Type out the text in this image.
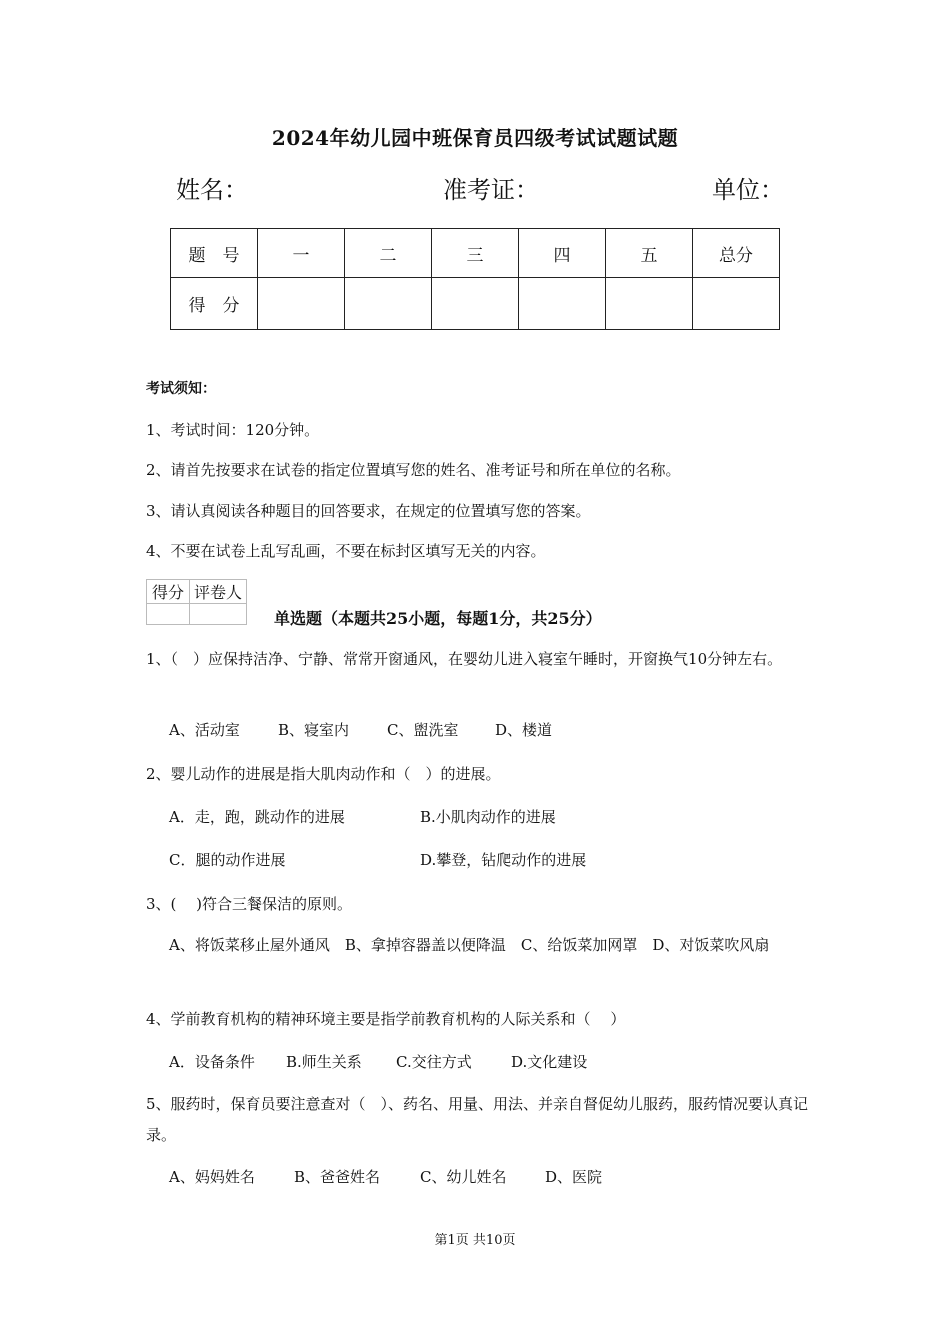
2024年幼儿园中班保育员四级考试试题试题
姓名：	准考证：	单位：
题　号	一	二	三	四	五	总分
得　分						
考试须知：
1、考试时间：120分钟。
2、请首先按要求在试卷的指定位置填写您的姓名、准考证号和所在单位的名称。
3、请认真阅读各种题目的回答要求，在规定的位置填写您的答案。
4、不要在试卷上乱写乱画，不要在标封区填写无关的内容。
得分	评卷人

单选题（本题共25小题，每题1分，共25分）
1、（　）应保持洁净、宁静、常常开窗通风，在婴幼儿进入寝室午睡时，开窗换气10分钟左右。
A、活动室	B、寝室内	C、盥洗室 D、楼道
2、婴儿动作的进展是指大肌肉动作和（　）的进展。
A．走，跑，跳动作的进展	B.小肌肉动作的进展
C．腿的动作进展	D.攀登，钻爬动作的进展
3、(　 )符合三餐保洁的原则。
A、将饭菜移止屋外通风　B、拿掉容器盖以便降温　C、给饭菜加网罩　D、对饭菜吹风扇
4、学前教育机构的精神环境主要是指学前教育机构的人际关系和（　 ）
A．设备条件 B.师生关系 C.交往方式	D.文化建设
5、服药时，保育员要注意查对（　）、药名、用量、用法、并亲自督促幼儿服药，服药情况要认真记录。
A、妈妈姓名	B、爸爸姓名	C、幼儿姓名	D、医院
第1页 共10页
